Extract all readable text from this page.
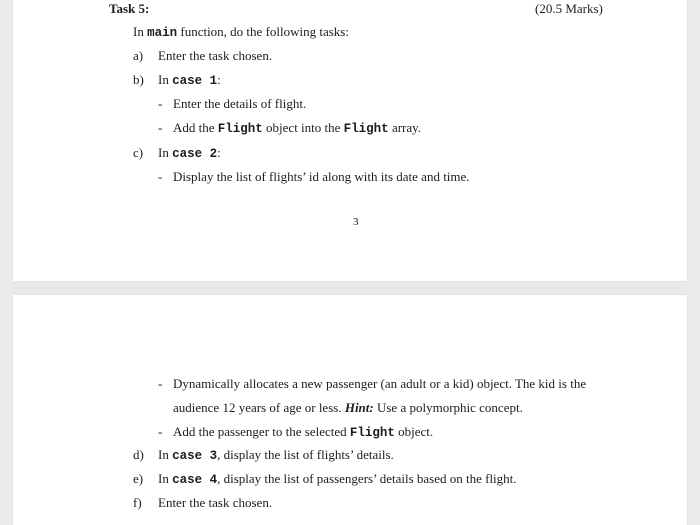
Task 5:	(20.5 Marks)
In main function, do the following tasks:
a) Enter the task chosen.
b) In case 1:
- Enter the details of flight.
- Add the Flight object into the Flight array.
c) In case 2:
- Display the list of flights’ id along with its date and time.
3
- Dynamically allocates a new passenger (an adult or a kid) object. The kid is the
audience 12 years of age or less. Hint: Use a polymorphic concept.
- Add the passenger to the selected Flight object.
d) In case 3, display the list of flights’ details.
e) In case 4, display the list of passengers’ details based on the flight.
f) Enter the task chosen.
